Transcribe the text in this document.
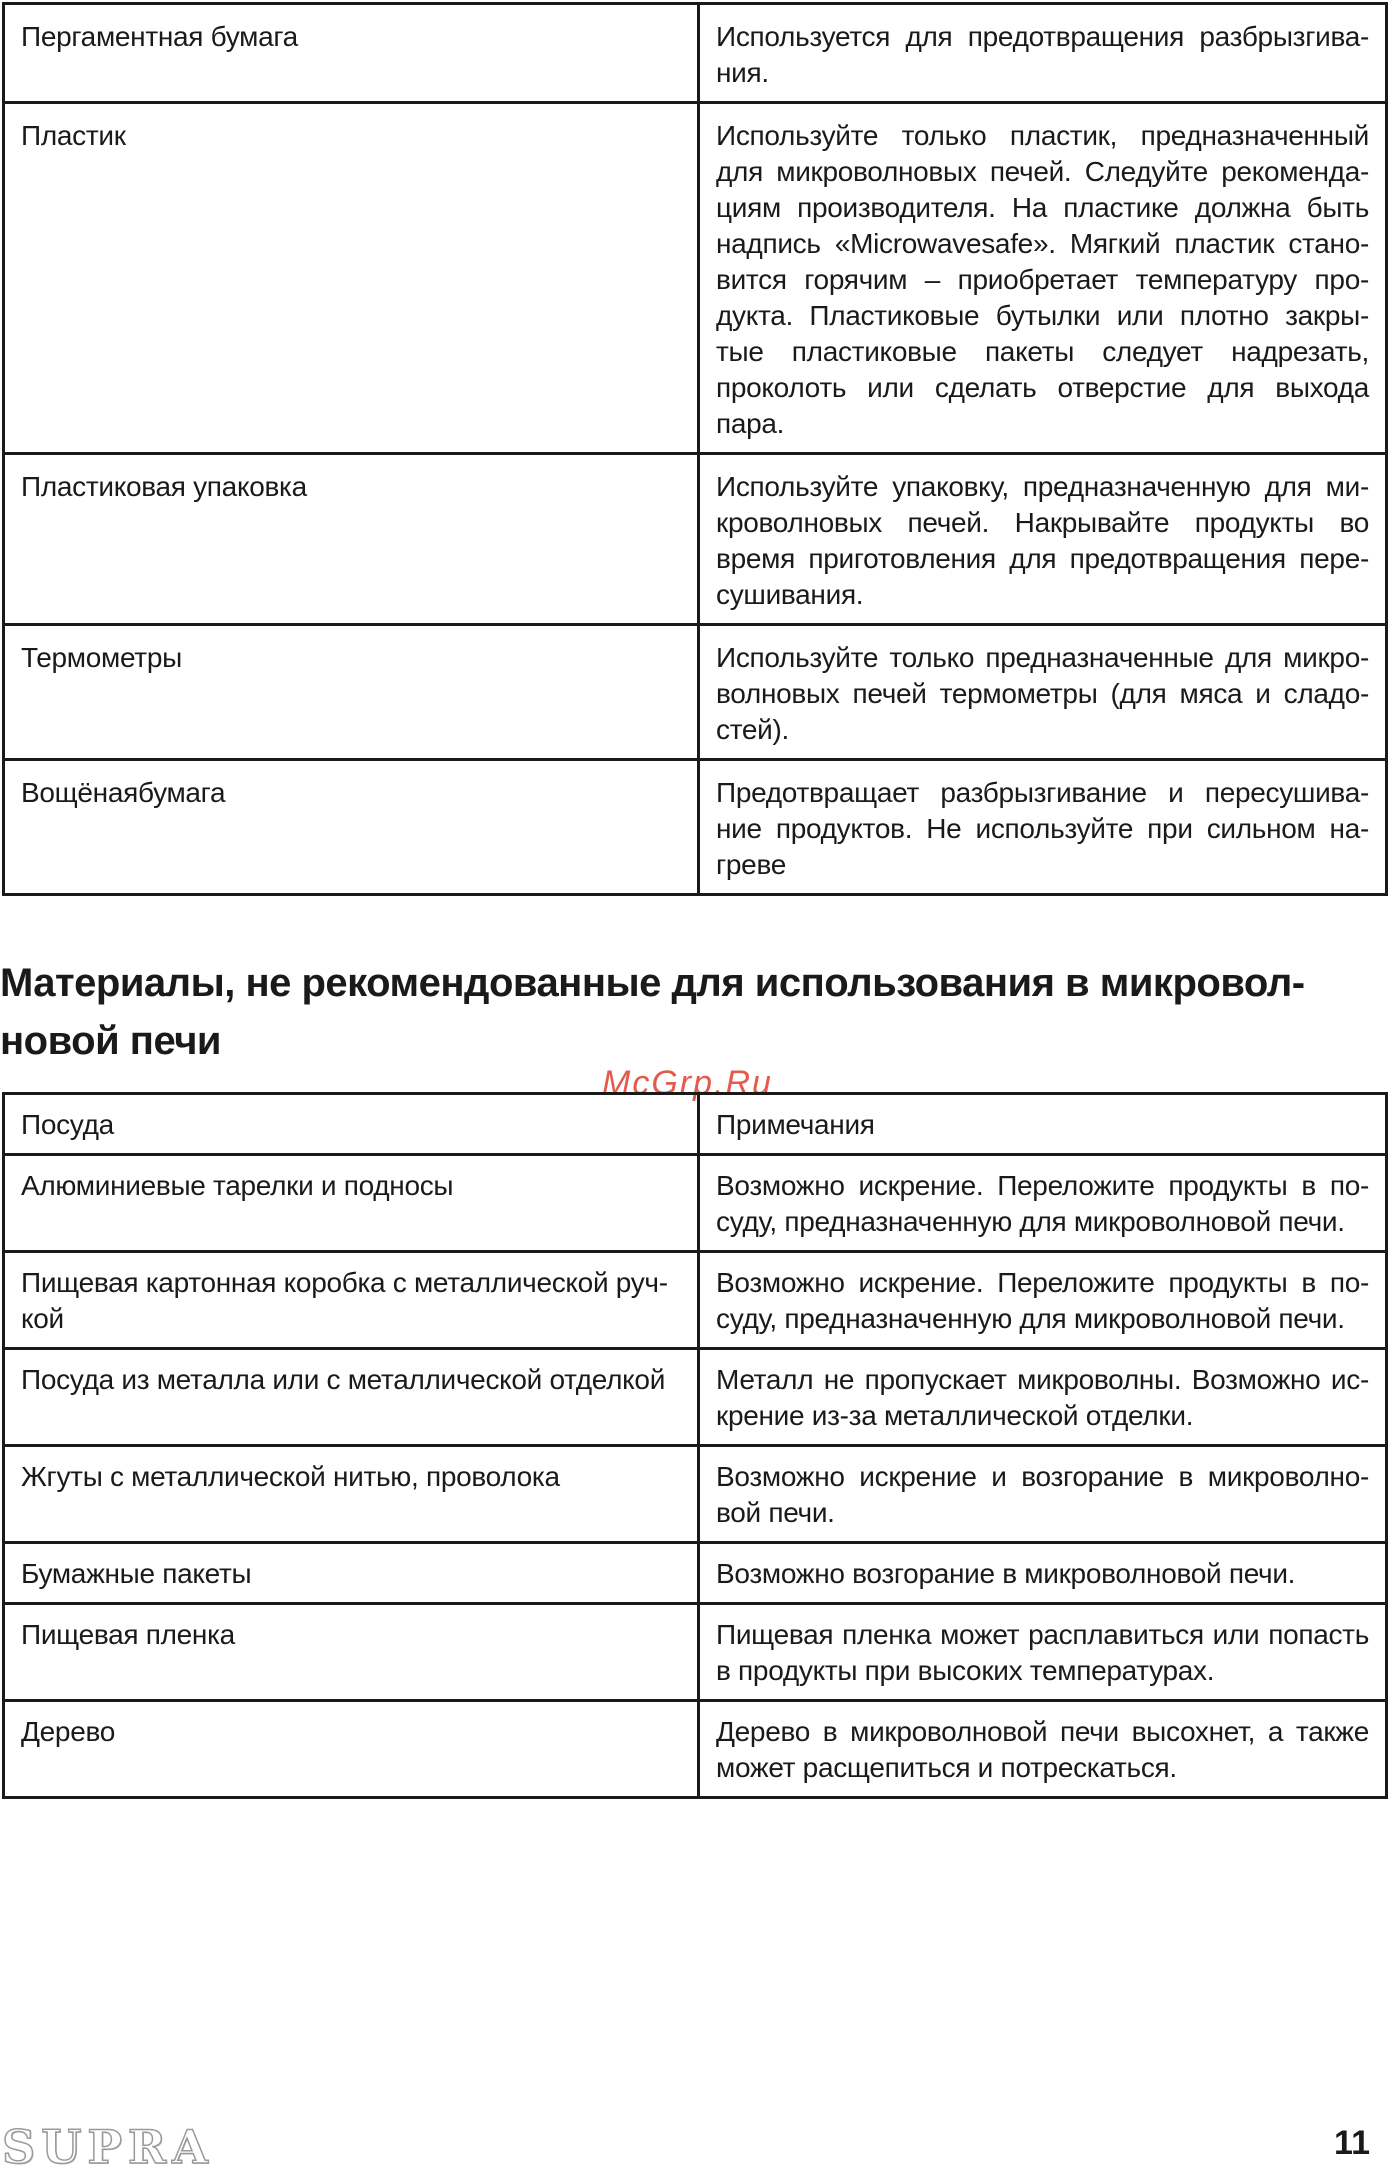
Пергаментная бумага	Используется для предотвращения разбрызгива-ния.
Пластик	Используйте только пластик, предназначенный для микроволновых печей. Следуйте рекоменда-циям производителя. На пластике должна быть надпись «Microwavesafe». Мягкий пластик стано-вится горячим – приобретает температуру про-дукта. Пластиковые бутылки или плотно закры-тые пластиковые пакеты следует надрезать, проколоть или сделать отверстие для выхода пара.
Пластиковая упаковка	Используйте упаковку, предназначенную для ми-кроволновых печей. Накрывайте продукты во время приготовления для предотвращения пере-сушивания.
Термометры	Используйте только предназначенные для микро-волновых печей термометры (для мяса и сладо-стей).
Вощёнаябумага	Предотвращает разбрызгивание и пересушива-ние продуктов. Не используйте при сильном на-греве
Материалы, не рекомендованные для использования в микровол-новой печи
McGrp.Ru
Посуда	Примечания
Алюминиевые тарелки и подносы	Возможно искрение. Переложите продукты в по-суду, предназначенную для микроволновой печи.
Пищевая картонная коробка с металлической руч-кой	Возможно искрение. Переложите продукты в по-суду, предназначенную для микроволновой печи.
Посуда из металла или с металлической отделкой	Металл не пропускает микроволны. Возможно ис-крение из-за металлической отделки.
Жгуты с металлической нитью, проволока	Возможно искрение и возгорание в микроволно-вой печи.
Бумажные пакеты	Возможно возгорание в микроволновой печи.
Пищевая пленка	Пищевая пленка может расплавиться или попасть в продукты при высоких температурах.
Дерево	Дерево в микроволновой печи высохнет, а также может расщепиться и потрескаться.
SUPRA	11
